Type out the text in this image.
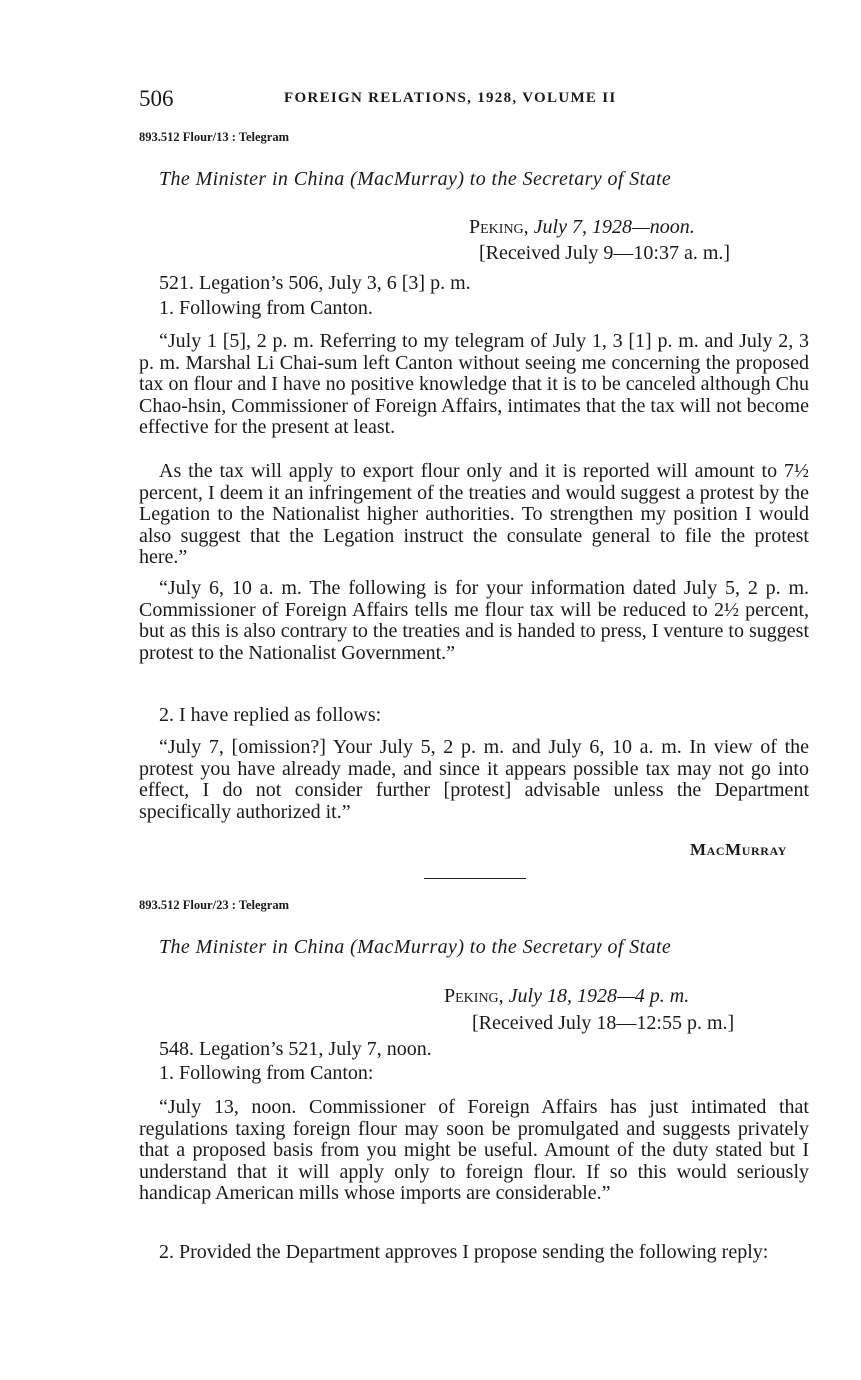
506	FOREIGN RELATIONS, 1928, VOLUME II
893.512 Flour/13 : Telegram
The Minister in China (MacMurray) to the Secretary of State
Peking, July 7, 1928—noon.
[Received July 9—10:37 a. m.]
521. Legation’s 506, July 3, 6 [3] p. m.
1. Following from Canton.

“July 1 [5], 2 p. m. Referring to my telegram of July 1, 3 [1] p. m. and July 2, 3 p. m. Marshal Li Chai-sum left Canton without seeing me concerning the proposed tax on flour and I have no positive knowledge that it is to be canceled although Chu Chao-hsin, Commissioner of Foreign Affairs, intimates that the tax will not become effective for the present at least.

As the tax will apply to export flour only and it is reported will amount to 7½ percent, I deem it an infringement of the treaties and would suggest a protest by the Legation to the Nationalist higher authorities. To strengthen my position I would also suggest that the Legation instruct the consulate general to file the protest here.”

“July 6, 10 a. m. The following is for your information dated July 5, 2 p. m. Commissioner of Foreign Affairs tells me flour tax will be reduced to 2½ percent, but as this is also contrary to the treaties and is handed to press, I venture to suggest protest to the Nationalist Government.”

2. I have replied as follows:

“July 7, [omission?] Your July 5, 2 p. m. and July 6, 10 a. m. In view of the protest you have already made, and since it appears possible tax may not go into effect, I do not consider further [protest] advisable unless the Department specifically authorized it.”

MacMurray
893.512 Flour/23 : Telegram
The Minister in China (MacMurray) to the Secretary of State
Peking, July 18, 1928—4 p. m.
[Received July 18—12:55 p. m.]
548. Legation’s 521, July 7, noon.
1. Following from Canton:

“July 13, noon. Commissioner of Foreign Affairs has just intimated that regulations taxing foreign flour may soon be promulgated and suggests privately that a proposed basis from you might be useful. Amount of the duty stated but I understand that it will apply only to foreign flour. If so this would seriously handicap American mills whose imports are considerable.”

2. Provided the Department approves I propose sending the following reply:
